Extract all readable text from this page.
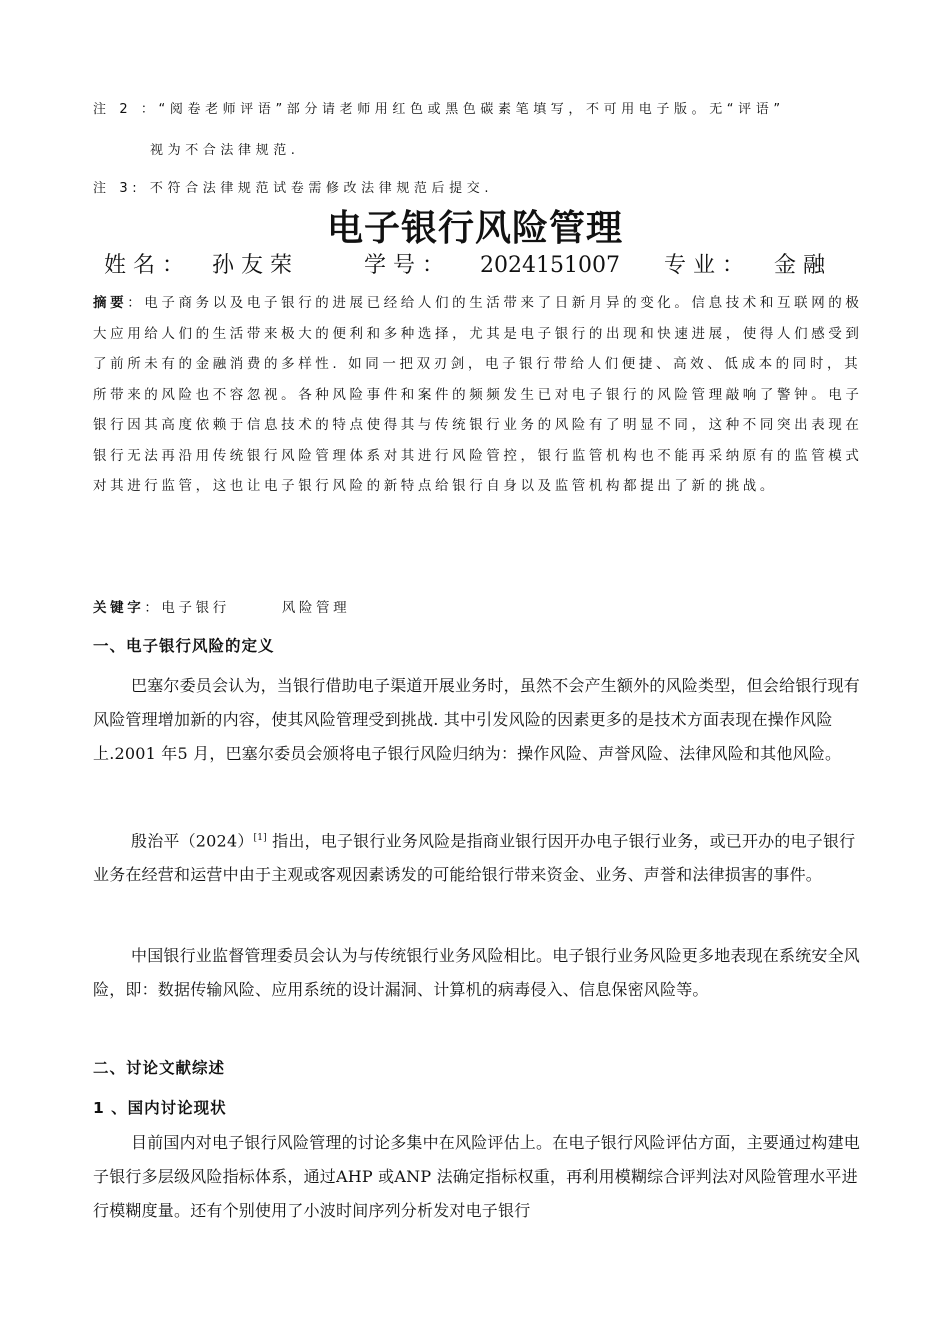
注 2 ：“阅卷老师评语”部分请老师用红色或黑色碳素笔填写，不可用电子版。无“评语”
视为不合法律规范.
注 3: 不符合法律规范试卷需修改法律规范后提交.
电子银行风险管理
姓 名 ： 孙 友 荣	学 号 ： 2024151007 专 业 ： 金 融
摘要：电子商务以及电子银行的进展已经给人们的生活带来了日新月异的变化。信息技术和互联网的极大应用给人们的生活带来极大的便利和多种选择，尤其是电子银行的出现和快速进展，使得人们感受到了前所未有的金融消费的多样性. 如同一把双刃剑，电子银行带给人们便捷、高效、低成本的同时，其所带来的风险也不容忽视。各种风险事件和案件的频频发生已对电子银行的风险管理敲响了警钟。电子银行因其高度依赖于信息技术的特点使得其与传统银行业务的风险有了明显不同，这种不同突出表现在银行无法再沿用传统银行风险管理体系对其进行风险管控，银行监管机构也不能再采纳原有的监管模式对其进行监管，这也让电子银行风险的新特点给银行自身以及监管机构都提出了新的挑战。
关键字：电子银行	风险管理
一、电子银行风险的定义
巴塞尔委员会认为，当银行借助电子渠道开展业务时，虽然不会产生额外的风险类型，但会给银行现有风险管理增加新的内容，使其风险管理受到挑战. 其中引发风险的因素更多的是技术方面表现在操作风险上.2001 年5 月，巴塞尔委员会颁将电子银行风险归纳为：操作风险、声誉风险、法律风险和其他风险。
殷治平（2024）[1] 指出，电子银行业务风险是指商业银行因开办电子银行业务，或已开办的电子银行业务在经营和运营中由于主观或客观因素诱发的可能给银行带来资金、业务、声誉和法律损害的事件。
中国银行业监督管理委员会认为与传统银行业务风险相比。电子银行业务风险更多地表现在系统安全风险，即：数据传输风险、应用系统的设计漏洞、计算机的病毒侵入、信息保密风险等。
二、讨论文献综述
1 、国内讨论现状
目前国内对电子银行风险管理的讨论多集中在风险评估上。在电子银行风险评估方面，主要通过构建电子银行多层级风险指标体系，通过AHP 或ANP 法确定指标权重，再利用模糊综合评判法对风险管理水平进行模糊度量。还有个别使用了小波时间序列分析发对电子银行
